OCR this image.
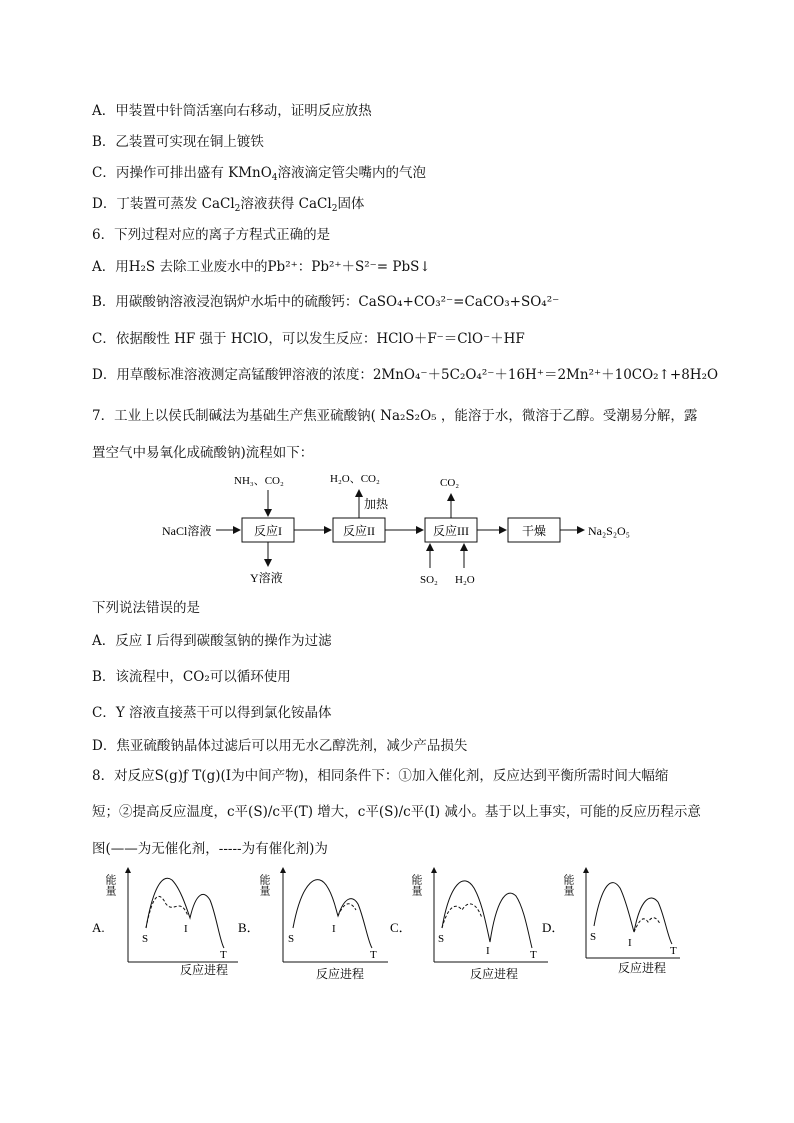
A．甲装置中针筒活塞向右移动，证明反应放热
B．乙装置可实现在铜上镀铁
C．丙操作可排出盛有 KMnO$_4$溶液滴定管尖嘴内的气泡
D．丁装置可蒸发 CaCl$_2$溶液获得 CaCl$_2$固体
6．下列过程对应的离子方程式正确的是
A．用H₂S 去除工业废水中的Pb²⁺：Pb²⁺＋S²⁻= PbS↓
B．用碳酸钠溶液浸泡锅炉水垢中的硫酸钙：CaSO₄+CO₃²⁻=CaCO₃+SO₄²⁻
C．依据酸性 HF 强于 HClO，可以发生反应：HClO＋F⁻＝ClO⁻＋HF
D．用草酸标准溶液测定高锰酸钾溶液的浓度：2MnO₄⁻＋5C₂O₄²⁻＋16H⁺＝2Mn²⁺＋10CO₂↑+8H₂O
7．工业上以侯氏制碱法为基础生产焦亚硫酸钠( Na₂S₂O₅ ，能溶于水，微溶于乙醇。受潮易分解，露
置空气中易氧化成硫酸钠)流程如下：
反应I	反应II	反应III	干燥
NaCl溶液	Na₂S₂O₅
NH₃、CO₂
Y溶液
H₂O、CO₂
加热
CO₂
SO₂ H₂O
下列说法错误的是
A．反应 I 后得到碳酸氢钠的操作为过滤
B．该流程中，CO₂可以循环使用
C．Y 溶液直接蒸干可以得到氯化铵晶体
D．焦亚硫酸钠晶体过滤后可以用无水乙醇洗剂，减少产品损失
8．对反应S(g)ƒ T(g)(I为中间产物)，相同条件下：①加入催化剂，反应达到平衡所需时间大幅缩
短；②提高反应温度，c平(S)/c平(T) 增大，c平(S)/c平(I) 减小。基于以上事实，可能的反应历程示意
图(——为无催化剂，-----为有催化剂)为
A.
能量
S
I
T
反应进程
B．
能量
S
I
T
反应进程
C．
能量
S
I	T
反应进程
D．
能量
S	I
T
反应进程
